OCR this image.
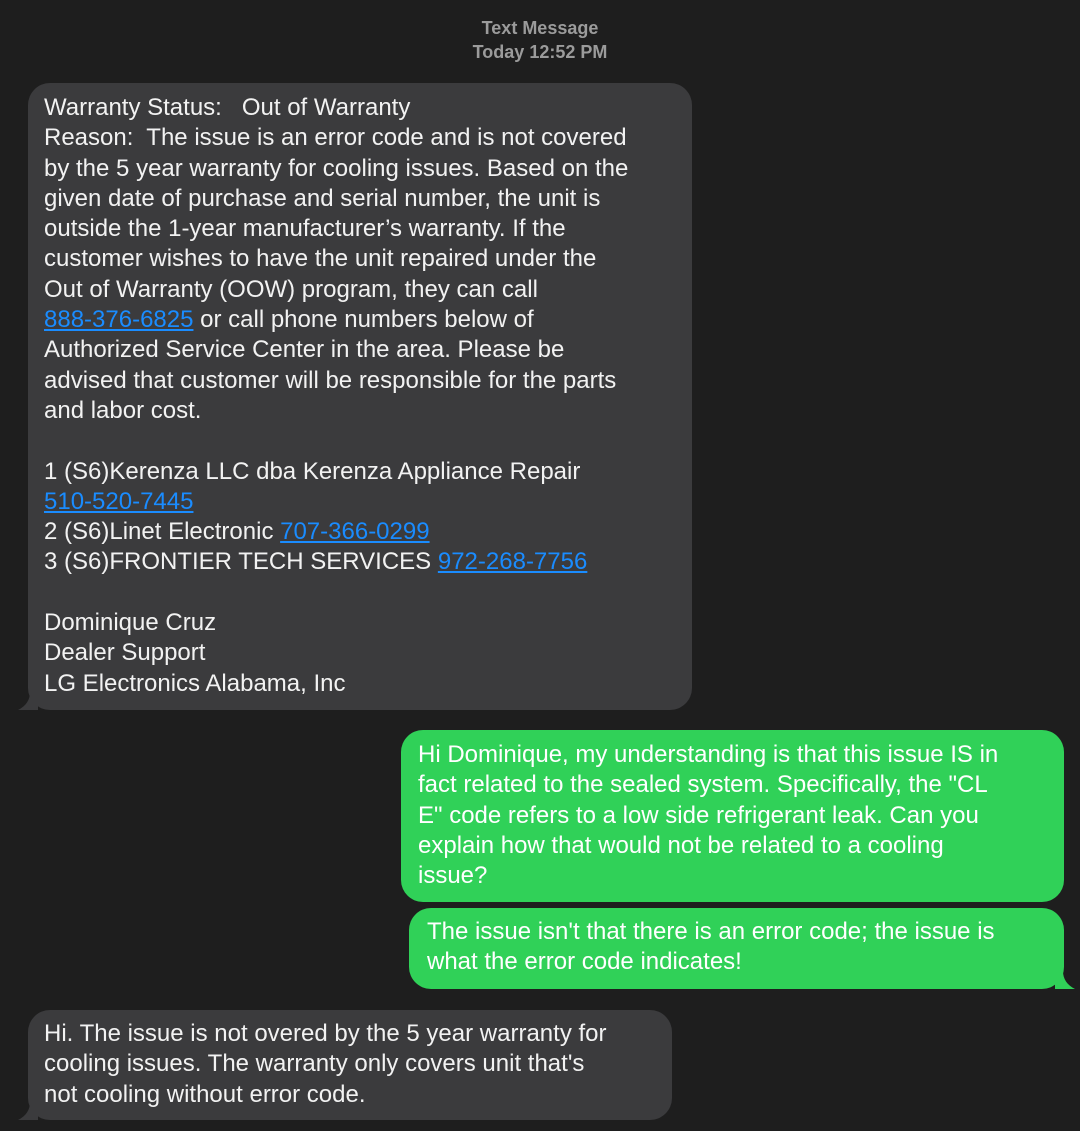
Text Message
Today 12:52 PM
Warranty Status:   Out of Warranty
Reason:  The issue is an error code and is not covered
by the 5 year warranty for cooling issues. Based on the
given date of purchase and serial number, the unit is
outside the 1-year manufacturer’s warranty. If the
customer wishes to have the unit repaired under the
Out of Warranty (OOW) program, they can call
888-376-6825 or call phone numbers below of
Authorized Service Center in the area. Please be
advised that customer will be responsible for the parts
and labor cost.
1 (S6)Kerenza LLC dba Kerenza Appliance Repair
510-520-7445
2 (S6)Linet Electronic 707-366-0299
3 (S6)FRONTIER TECH SERVICES 972-268-7756
Dominique Cruz
Dealer Support
LG Electronics Alabama, Inc
Hi Dominique, my understanding is that this issue IS in
fact related to the sealed system. Specifically, the "CL
E" code refers to a low side refrigerant leak. Can you
explain how that would not be related to a cooling
issue?
The issue isn't that there is an error code; the issue is
what the error code indicates!
Hi. The issue is not overed by the 5 year warranty for
cooling issues. The warranty only covers unit that's
not cooling without error code.
